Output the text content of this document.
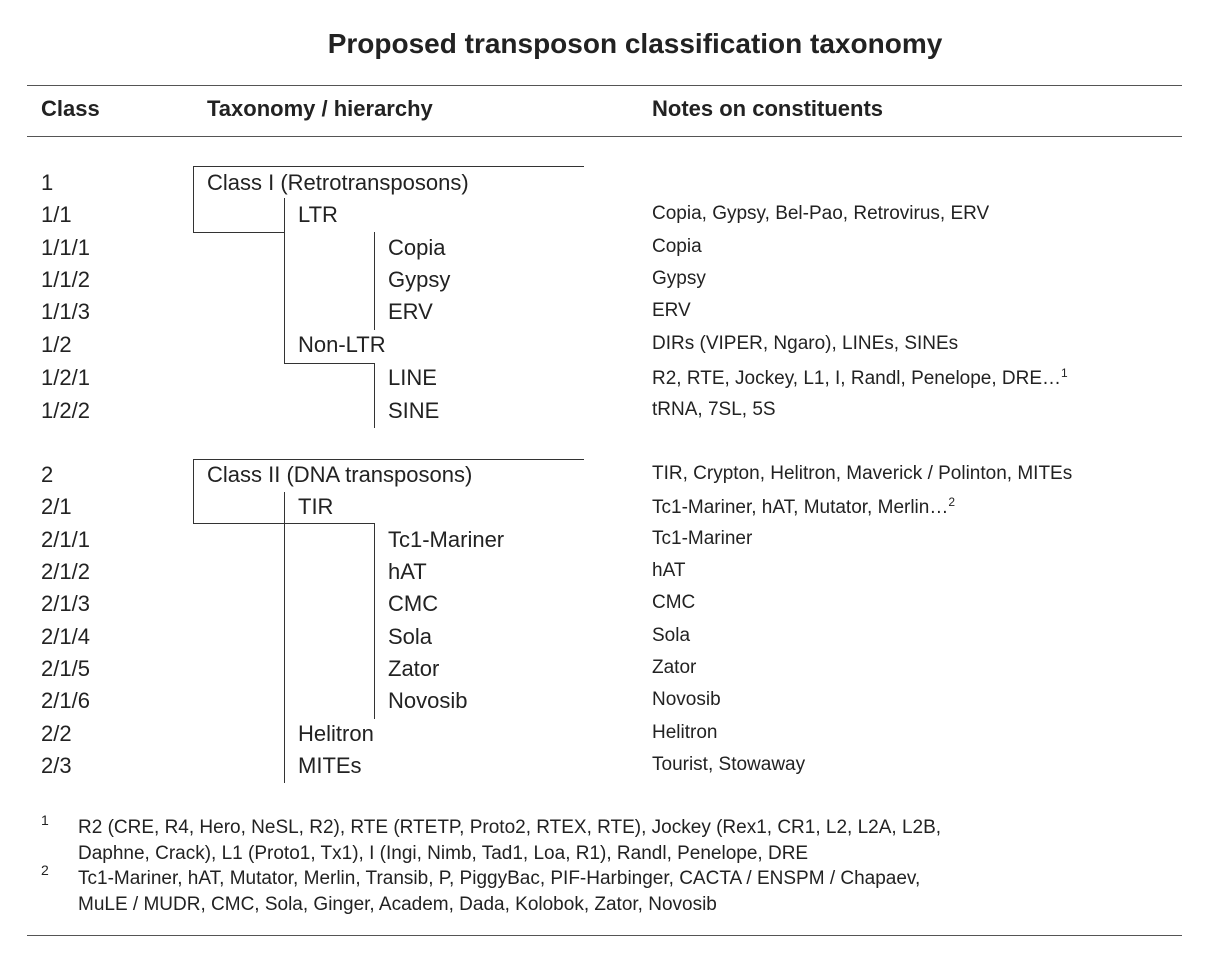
Proposed transposon classification taxonomy
Class	Taxonomy / hierarchy	Notes on constituents
1	Class I (Retrotransposons)
1/1	LTR	Copia, Gypsy, Bel-Pao, Retrovirus, ERV
1/1/1	Copia	Copia
1/1/2	Gypsy	Gypsy
1/1/3	ERV	ERV
1/2	Non-LTR	DIRs (VIPER, Ngaro), LINEs, SINEs
1/2/1	LINE	R2, RTE, Jockey, L1, I, Randl, Penelope, DRE…$^1$
1/2/2	SINE	tRNA, 7SL, 5S
2	Class II (DNA transposons)	TIR, Crypton, Helitron, Maverick / Polinton, MITEs
2/1	TIR	Tc1-Mariner, hAT, Mutator, Merlin…$^2$
2/1/1	Tc1-Mariner	Tc1-Mariner
2/1/2	hAT	hAT
2/1/3	CMC	CMC
2/1/4	Sola	Sola
2/1/5	Zator	Zator
2/1/6	Novosib	Novosib
2/2	Helitron	Helitron
2/3	MITEs	Tourist, Stowaway
1 R2 (CRE, R4, Hero, NeSL, R2), RTE (RTETP, Proto2, RTEX, RTE), Jockey (Rex1, CR1, L2, L2A, L2B,
Daphne, Crack), L1 (Proto1, Tx1), I (Ingi, Nimb, Tad1, Loa, R1), Randl, Penelope, DRE
2 Tc1-Mariner, hAT, Mutator, Merlin, Transib, P, PiggyBac, PIF-Harbinger, CACTA / ENSPM / Chapaev,
MuLE / MUDR, CMC, Sola, Ginger, Academ, Dada, Kolobok, Zator, Novosib
